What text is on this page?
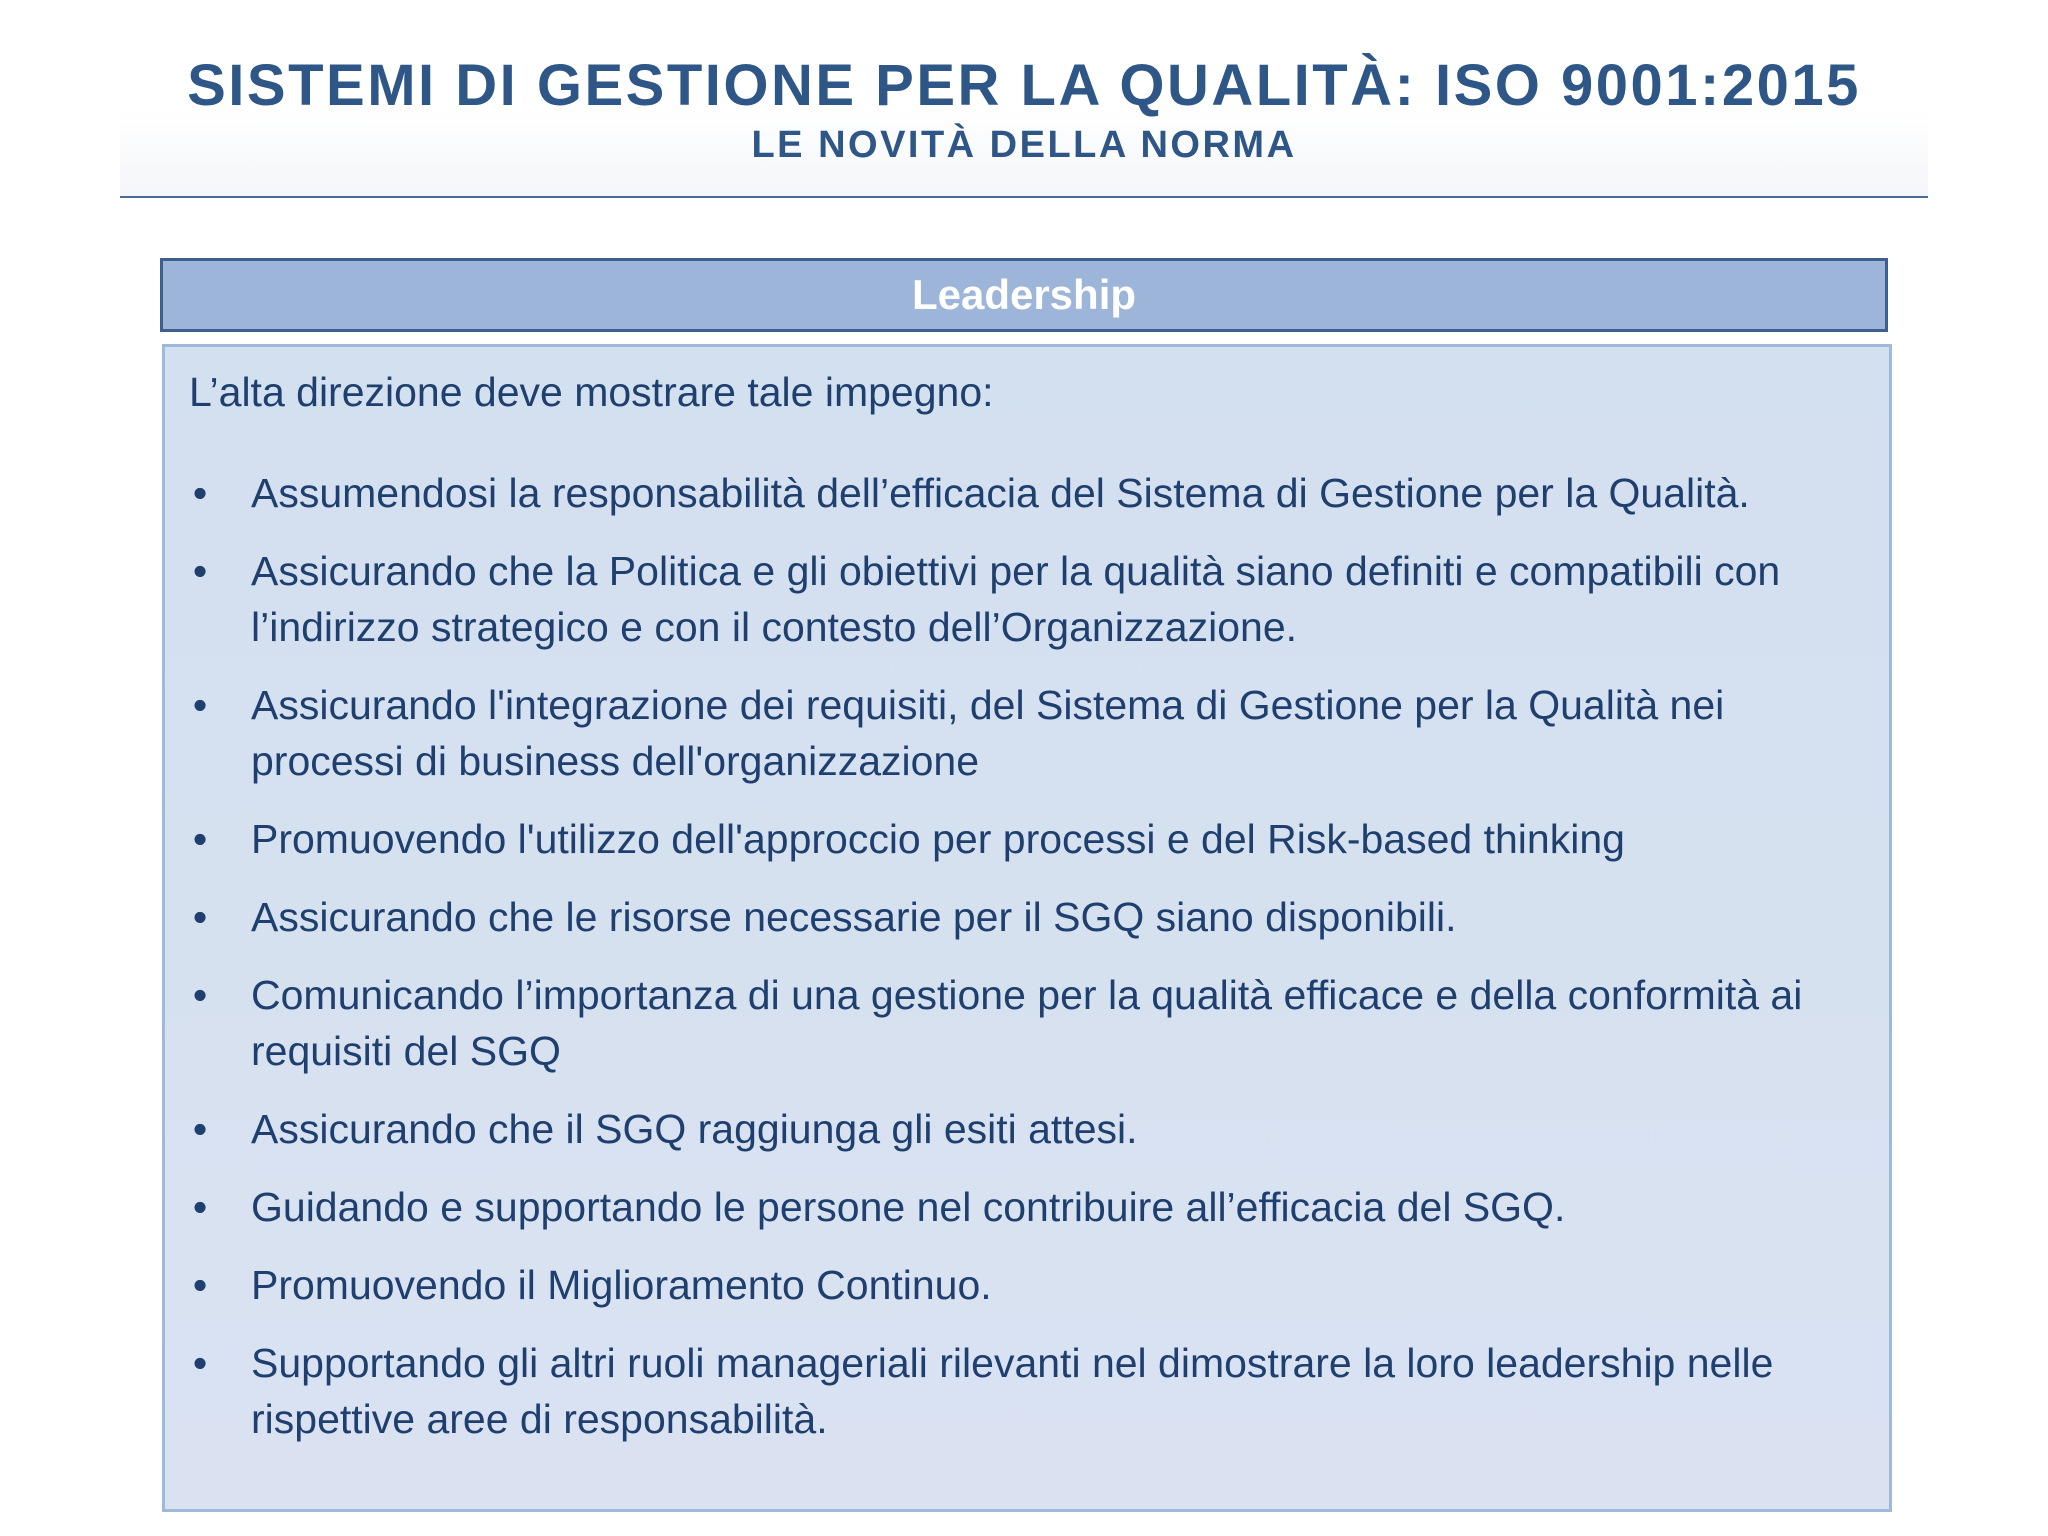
SISTEMI DI GESTIONE PER LA QUALITÀ: ISO 9001:2015
LE NOVITÀ DELLA NORMA
Leadership
L’alta direzione deve mostrare tale impegno:
• Assumendosi la responsabilità dell’efficacia del Sistema di Gestione per la Qualità.
• Assicurando che la Politica e gli obiettivi per la qualità siano definiti e compatibili con l’indirizzo strategico e con il contesto dell’Organizzazione.
• Assicurando l'integrazione dei requisiti, del Sistema di Gestione per la Qualità nei processi di business dell'organizzazione
• Promuovendo l'utilizzo dell'approccio per processi e del Risk-based thinking
• Assicurando che le risorse necessarie per il SGQ siano disponibili.
• Comunicando l’importanza di una gestione per la qualità efficace e della conformità ai requisiti del SGQ
• Assicurando che il SGQ raggiunga gli esiti attesi.
• Guidando e supportando le persone nel contribuire all’efficacia del SGQ.
• Promuovendo il Miglioramento Continuo.
• Supportando gli altri ruoli manageriali rilevanti nel dimostrare la loro leadership nelle rispettive aree di responsabilità.
